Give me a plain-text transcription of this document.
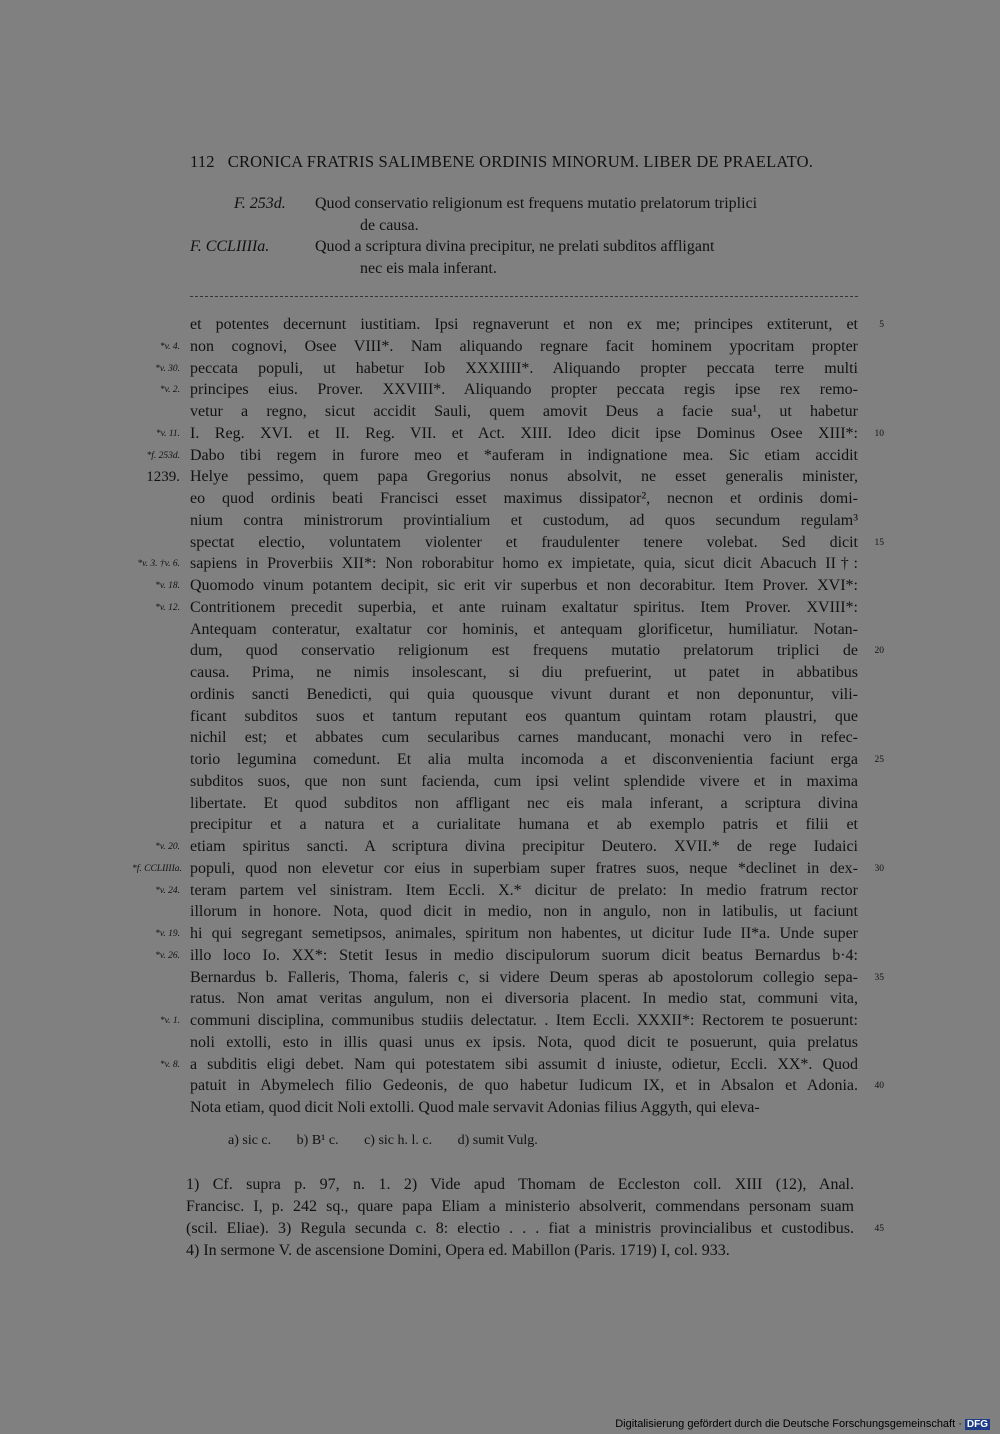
112 CRONICA FRATRIS SALIMBENE ORDINIS MINORUM. LIBER DE PRAELATO.
F. 253d. Quod conservatio religionum est frequens mutatio prelatorum triplici
de causa.
F. CCLIIIIa.	Quod a scriptura divina precipitur, ne prelati subditos affligant
nec eis mala inferant.
et potentes decernunt iustitiam. Ipsi regnaverunt et non ex me; principes extiterunt, et	5
non cognovi, Osee VIII*. Nam aliquando regnare facit hominem ypocritam propter
*v. 4.
peccata populi, ut habetur Iob XXXIIII*. Aliquando propter peccata terre multi
*v. 30.
principes eius. Prover. XXVIII*. Aliquando propter peccata regis ipse rex remo-
*v. 2.
vetur a regno, sicut accidit Sauli, quem amovit Deus a facie sua¹, ut habetur
I. Reg. XVI. et II. Reg. VII. et Act. XIII. Ideo dicit ipse Dominus Osee XIII*:
*v. 11.	10
Dabo tibi regem in furore meo et *auferam in indignatione mea. Sic etiam accidit
*f. 253d.
Helye pessimo, quem papa Gregorius nonus absolvit, ne esset generalis minister,
1239.
eo quod ordinis beati Francisci esset maximus dissipator², necnon et ordinis domi-
nium contra ministrorum provintialium et custodum, ad quos secundum regulam³
spectat electio, voluntatem violenter et fraudulenter tenere volebat. Sed dicit	15
sapiens in Proverbiis XII*: Non roborabitur homo ex impietate, quia, sicut dicit Abacuch II†:
*v. 3. †v. 6.
Quomodo vinum potantem decipit, sic erit vir superbus et non decorabitur. Item Prover. XVI*:
*v. 18.
Contritionem precedit superbia, et ante ruinam exaltatur spiritus. Item Prover. XVIII*:
*v. 12.
Antequam conteratur, exaltatur cor hominis, et antequam glorificetur, humiliatur. Notan-
dum, quod conservatio religionum est frequens mutatio prelatorum triplici de	20
causa. Prima, ne nimis insolescant, si diu prefuerint, ut patet in abbatibus
ordinis sancti Benedicti, qui quia quousque vivunt durant et non deponuntur, vili-
ficant subditos suos et tantum reputant eos quantum quintam rotam plaustri, que
nichil est; et abbates cum secularibus carnes manducant, monachi vero in refec-
torio legumina comedunt. Et alia multa incomoda a et disconvenientia faciunt erga	25
subditos suos, que non sunt facienda, cum ipsi velint splendide vivere et in maxima
libertate. Et quod subditos non affligant nec eis mala inferant, a scriptura divina
precipitur et a natura et a curialitate humana et ab exemplo patris et filii et
etiam spiritus sancti. A scriptura divina precipitur Deutero. XVII.* de rege Iudaici
*v. 20.
populi, quod non elevetur cor eius in superbiam super fratres suos, neque *declinet in dex-
*f. CCLIIIIa.	30
teram partem vel sinistram. Item Eccli. X.* dicitur de prelato: In medio fratrum rector
*v. 24.
illorum in honore. Nota, quod dicit in medio, non in angulo, non in latibulis, ut faciunt
hi qui segregant semetipsos, animales, spiritum non habentes, ut dicitur Iude II*a. Unde super
*v. 19.
illo loco Io. XX*: Stetit Iesus in medio discipulorum suorum dicit beatus Bernardus b·4:
*v. 26.
Bernardus b. Falleris, Thoma, faleris c, si videre Deum speras ab apostolorum collegio sepa-	35
ratus. Non amat veritas angulum, non ei diversoria placent. In medio stat, communi vita,
communi disciplina, communibus studiis delectatur. . Item Eccli. XXXII*: Rectorem te posuerunt:
*v. 1.
noli extolli, esto in illis quasi unus ex ipsis. Nota, quod dicit te posuerunt, quia prelatus
a subditis eligi debet. Nam qui potestatem sibi assumit d iniuste, odietur, Eccli. XX*. Quod
*v. 8.
patuit in Abymelech filio Gedeonis, de quo habetur Iudicum IX, et in Absalon et Adonia.	40
Nota etiam, quod dicit Noli extolli. Quod male servavit Adonias filius Aggyth, qui eleva-
a) sic c. b) B¹ c. c) sic h. l. c. d) sumit Vulg.
1) Cf. supra p. 97, n. 1. 2) Vide apud Thomam de Eccleston coll. XIII (12), Anal.
Francisc. I, p. 242 sq., quare papa Eliam a ministerio absolverit, commendans personam suam
(scil. Eliae). 3) Regula secunda c. 8: electio . . . fiat a ministris provincialibus et custodibus.	45
4) In sermone V. de ascensione Domini, Opera ed. Mabillon (Paris. 1719) I, col. 933.
Digitalisierung gefördert durch die Deutsche Forschungsgemeinschaft · DFG
